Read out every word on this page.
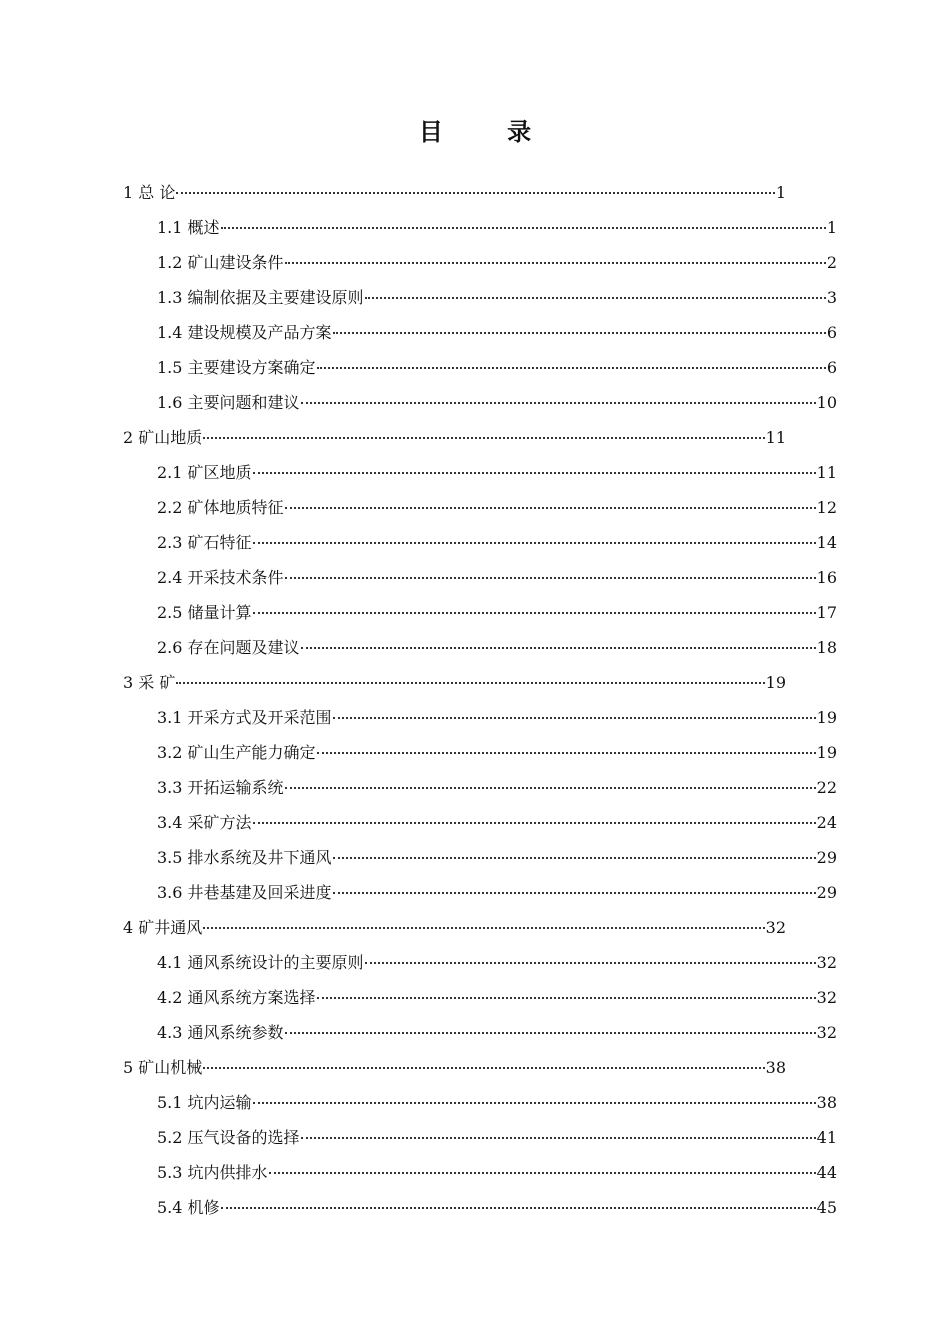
目 录
1 总 论	1
1.1 概述	1
1.2 矿山建设条件	2
1.3 编制依据及主要建设原则	3
1.4 建设规模及产品方案	6
1.5 主要建设方案确定	6
1.6 主要问题和建议	10
2 矿山地质	11
2.1 矿区地质	11
2.2 矿体地质特征	12
2.3 矿石特征	14
2.4 开采技术条件	16
2.5 储量计算	17
2.6 存在问题及建议	18
3 采 矿	19
3.1 开采方式及开采范围	19
3.2 矿山生产能力确定	19
3.3 开拓运输系统	22
3.4 采矿方法	24
3.5 排水系统及井下通风	29
3.6 井巷基建及回采进度	29
4 矿井通风	32
4.1 通风系统设计的主要原则	32
4.2 通风系统方案选择	32
4.3 通风系统参数	32
5 矿山机械	38
5.1 坑内运输	38
5.2 压气设备的选择	41
5.3 坑内供排水	44
5.4 机修	45
